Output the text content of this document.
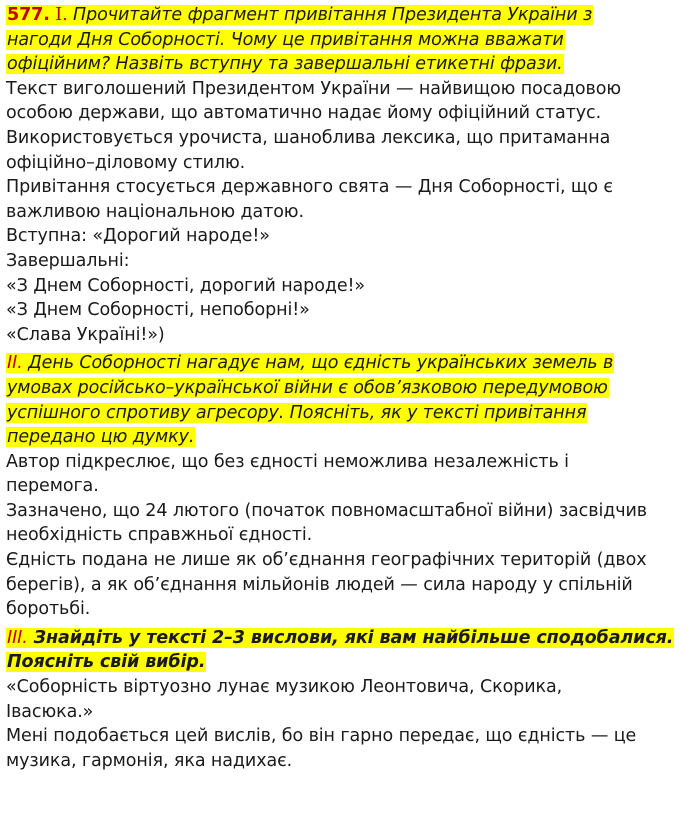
577. I. Прочитайте фрагмент привітання Президента України з
нагоди Дня Соборності. Чому це привітання можна вважати
офіційним? Назвіть вступну та завершальні етикетні фрази.
Текст виголошений Президентом України — найвищою посадовою
особою держави, що автоматично надає йому офіційний статус.
Використовується урочиста, шаноблива лексика, що притаманна
офіційно–діловому стилю.
Привітання стосується державного свята — Дня Соборності, що є
важливою національною датою.
Вступна: «Дорогий народе!»
Завершальні:
«З Днем Соборності, дорогий народе!»
«З Днем Соборності, непоборні!»
«Слава Україні!»)
II. День Соборності нагадує нам, що єдність українських земель в
умовах російсько–української війни є обов’язковою передумовою
успішного спротиву агресору. Поясніть, як у тексті привітання
передано цю думку.
Автор підкреслює, що без єдності неможлива незалежність і
перемога.
Зазначено, що 24 лютого (початок повномасштабної війни) засвідчив
необхідність справжньої єдності.
Єдність подана не лише як об’єднання географічних територій (двох
берегів), а як об’єднання мільйонів людей — сила народу у спільній
боротьбі.
III. Знайдіть у тексті 2–3 вислови, які вам найбільше сподобалися.
Поясніть свій вибір.
«Соборність віртуозно лунає музикою Леонтовича, Скорика,
Івасюка.»
Мені подобається цей вислів, бо він гарно передає, що єдність — це
музика, гармонія, яка надихає.
